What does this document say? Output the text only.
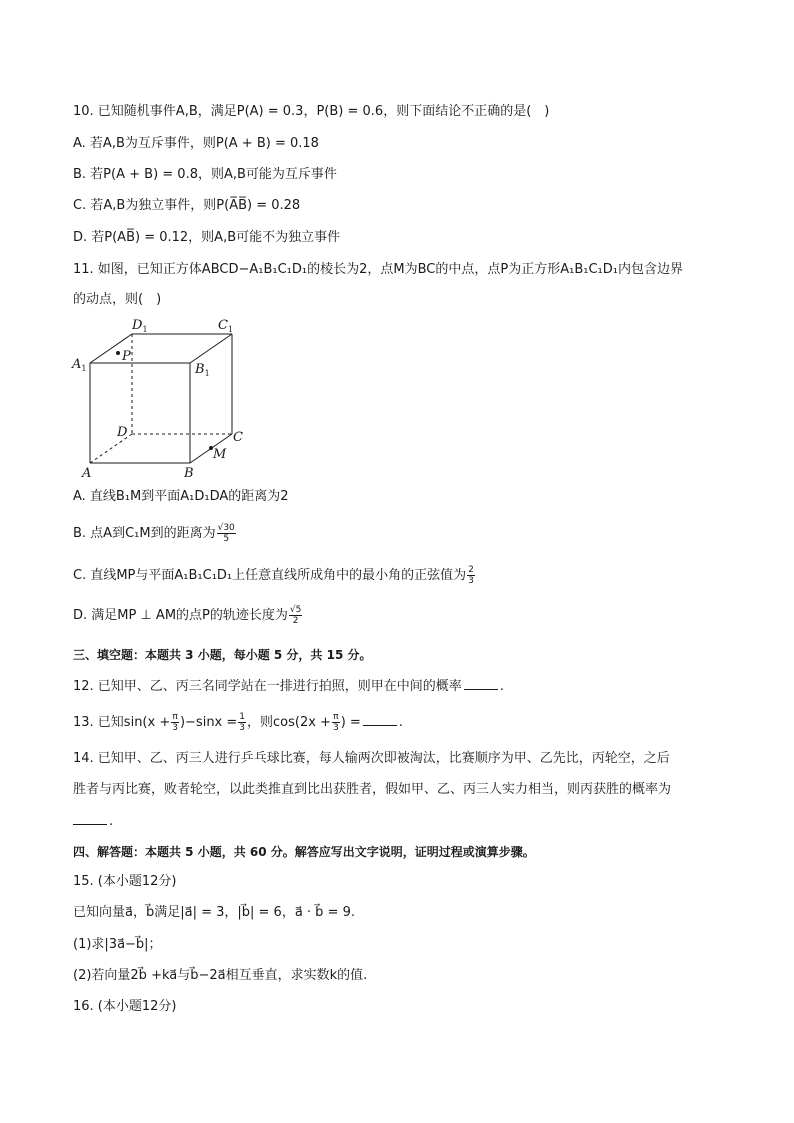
10. 已知随机事件A,B，满足P(A) = 0.3，P(B) = 0.6，则下面结论不正确的是(　)
A. 若A,B为互斥事件，则P(A + B) = 0.18
B. 若P(A + B) = 0.8，则A,B可能为互斥事件
C. 若A,B为独立事件，则P(A̅B̅) = 0.28
D. 若P(AB̅) = 0.12，则A,B可能不为独立事件
11. 如图，已知正方体ABCD−A₁B₁C₁D₁的棱长为2，点M为BC的中点，点P为正方形A₁B₁C₁D₁内包含边界
的动点，则(　)
$A_1$
P
$D_1$	$C_1$
$B_1$
D	C
M
A	B
A. 直线B₁M到平面A₁D₁DA的距离为2
B. 点A到C₁M到的距离为 $\frac{√30}{5}$
C. 直线MP与平面A₁B₁C₁D₁上任意直线所成角中的最小角的正弦值为 $\frac{2}{3}$
D. 满足MP ⊥ AM的点P的轨迹长度为 $\frac{√5}{2}$
三、填空题：本题共 3 小题，每小题 5 分，共 15 分。
12. 已知甲、乙、丙三名同学站在一排进行拍照，则甲在中间的概率	.
13. 已知$\sin(x + \frac{\pi}{3} )-\sin x = \frac{1}{3}$ ，则$\cos(2x + \frac{\pi}{3}$ ) =	.
14. 已知甲、乙、丙三人进行乒乓球比赛，每人输两次即被淘汰，比赛顺序为甲、乙先比，丙轮空，之后
胜者与丙比赛，败者轮空，以此类推直到比出获胜者，假如甲、乙、丙三人实力相当，则丙获胜的概率为
.
四、解答题：本题共 5 小题，共 60 分。解答应写出文字说明，证明过程或演算步骤。
15. (本小题12分)
已知向量a⃗，b⃗满足|a⃗| = 3，|b⃗| = 6，a⃗ · b⃗ = 9.
(1)求|3a⃗−b⃗|；
(2)若向量2b⃗ +ka⃗与b⃗−2a⃗相互垂直，求实数k的值.
16. (本小题12分)
